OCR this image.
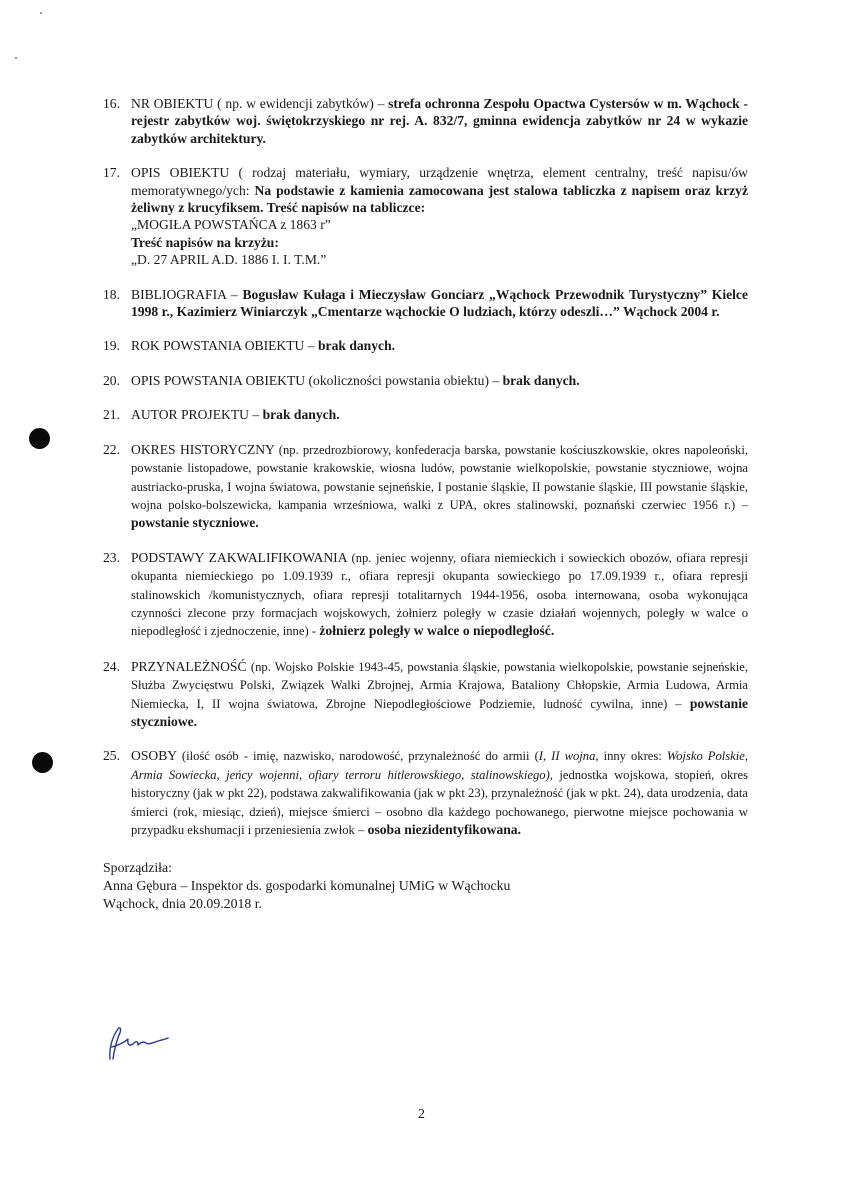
16. NR OBIEKTU ( np. w ewidencji zabytków) – strefa ochronna Zespołu Opactwa Cystersów w m. Wąchock - rejestr zabytków woj. świętokrzyskiego nr rej. A. 832/7, gminna ewidencja zabytków nr 24 w wykazie zabytków architektury.
17. OPIS OBIEKTU ( rodzaj materiału, wymiary, urządzenie wnętrza, element centralny, treść napisu/ów memoratywnego/ych: Na podstawie z kamienia zamocowana jest stalowa tabliczka z napisem oraz krzyż żeliwny z krucyfiksem. Treść napisów na tabliczce:
„MOGIŁA POWSTAŃCA z 1863 r”
Treść napisów na krzyżu:
„D. 27 APRIL A.D. 1886 I. I. T.M.”
18. BIBLIOGRAFIA – Bogusław Kułaga i Mieczysław Gonciarz „Wąchock Przewodnik Turystyczny” Kielce 1998 r., Kazimierz Winiarczyk „Cmentarze wąchockie O ludziach, którzy odeszli…” Wąchock 2004 r.
19. ROK POWSTANIA OBIEKTU – brak danych.
20. OPIS POWSTANIA OBIEKTU (okoliczności powstania obiektu) – brak danych.
21. AUTOR PROJEKTU – brak danych.
22. OKRES HISTORYCZNY (np. przedrozbiorowy, konfederacja barska, powstanie kościuszkowskie, okres napoleoński, powstanie listopadowe, powstanie krakowskie, wiosna ludów, powstanie wielkopolskie, powstanie styczniowe, wojna austriacko-pruska, I wojna światowa, powstanie sejneńskie, I postanie śląskie, II powstanie śląskie, III powstanie śląskie, wojna polsko-bolszewicka, kampania wrześniowa, walki z UPA, okres stalinowski, poznański czerwiec 1956 r.) – powstanie styczniowe.
23. PODSTAWY ZAKWALIFIKOWANIA (np. jeniec wojenny, ofiara niemieckich i sowieckich obozów, ofiara represji okupanta niemieckiego po 1.09.1939 r., ofiara represji okupanta sowieckiego po 17.09.1939 r., ofiara represji stalinowskich /komunistycznych, ofiara represji totalitarnych 1944-1956, osoba internowana, osoba wykonująca czynności zlecone przy formacjach wojskowych, żołnierz poległy w czasie działań wojennych, poległy w walce o niepodległość i zjednoczenie, inne) - żołnierz poległy w walce o niepodległość.
24. PRZYNALEŻNOŚĆ (np. Wojsko Polskie 1943-45, powstania śląskie, powstania wielkopolskie, powstanie sejneńskie, Służba Zwycięstwu Polski, Związek Walki Zbrojnej, Armia Krajowa, Bataliony Chłopskie, Armia Ludowa, Armia Niemiecka, I, II wojna światowa, Zbrojne Niepodległościowe Podziemie, ludność cywilna, inne) – powstanie styczniowe.
25. OSOBY (ilość osób - imię, nazwisko, narodowość, przynależność do armii (I, II wojna, inny okres: Wojsko Polskie, Armia Sowiecka, jeńcy wojenni, ofiary terroru hitlerowskiego, stalinowskiego), jednostka wojskowa, stopień, okres historyczny (jak w pkt 22), podstawa zakwalifikowania (jak w pkt 23), przynależność (jak w pkt. 24), data urodzenia, data śmierci (rok, miesiąc, dzień), miejsce śmierci – osobno dla każdego pochowanego, pierwotne miejsce pochowania w przypadku ekshumacji i przeniesienia zwłok – osoba niezidentyfikowana.
Sporządziła:
Anna Gębura – Inspektor ds. gospodarki komunalnej UMiG w Wąchocku
Wąchock, dnia 20.09.2018 r.
2
